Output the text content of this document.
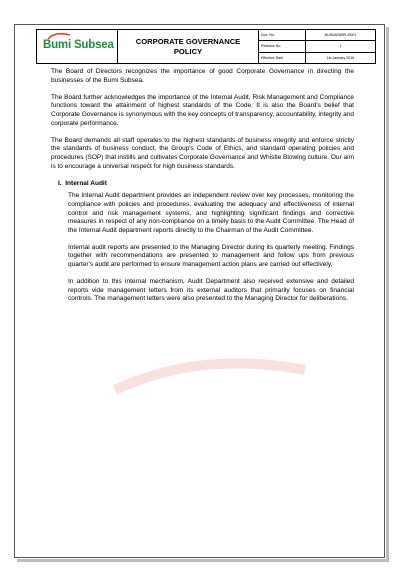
Bumi Subsea	CORPORATE GOVERNANCE
POLICY
Doc. No.	BUSI/ADM/PL/0001
Revision No.	1
Effective Date	1st January 2016

The Board of Directors recognizes the importance of good Corporate Governance in directing the businesses of the Bumi Subsea.

The Board further acknowledges the importance of the Internal Audit, Risk Management and Compliance functions toward the attainment of highest standards of the Code. It is also the Board's belief that Corporate Governance is synonymous with the key concepts of transparency, accountability, integrity and corporate performance.

The Board demands all staff operates to the highest standards of business integrity and enforce strictly the standards of business conduct, the Group's Code of Ethics, and standard operating policies and procedures (SOP) that instills and cultivates Corporate Governance and Whistle Blowing culture. Our aim is to encourage a universal respect for high business standards.

I. Internal Audit

The Internal Audit department provides an independent review over key processes, monitoring the compliance with policies and procedures, evaluating the adequacy and effectiveness of internal control and risk management systems, and highlighting significant findings and corrective measures in respect of any non-compliance on a timely basis to the Audit Committee. The Head of the Internal Audit department reports directly to the Chairman of the Audit Committee.

Internal audit reports are presented to the Managing Director during its quarterly meeting. Findings together with recommendations are presented to management and follow ups from previous quarter's audit are performed to ensure management action plans are carried out effectively.

In addition to this internal mechanism, Audit Department also received extensive and detailed reports vide management letters from its external auditors that primarily focuses on financial controls. The management letters were also presented to the Managing Director for deliberations.
